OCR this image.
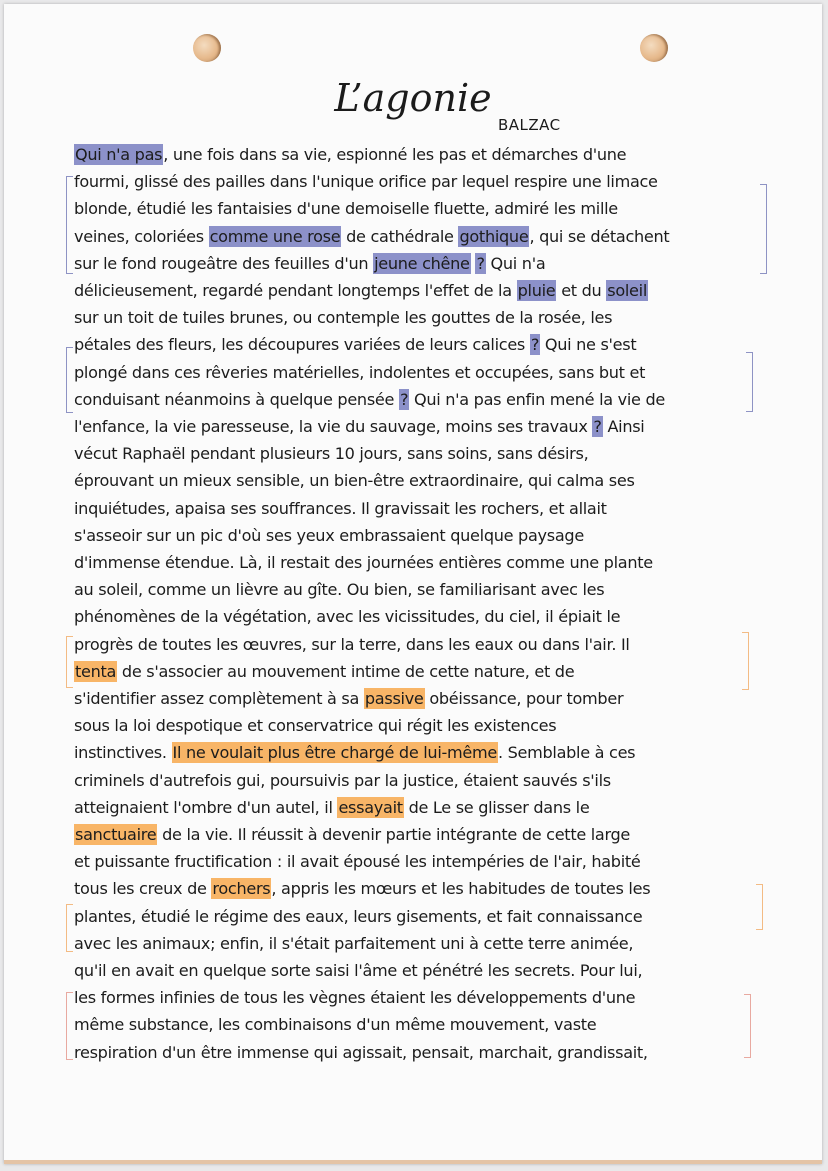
L’agonie
BALZAC
Qui n'a pas, une fois dans sa vie, espionné les pas et démarches d'une
fourmi, glissé des pailles dans l'unique orifice par lequel respire une limace
blonde, étudié les fantaisies d'une demoiselle fluette, admiré les mille
veines, coloriées comme une rose de cathédrale gothique, qui se détachent
sur le fond rougeâtre des feuilles d'un jeune chêne ? Qui n'a
délicieusement, regardé pendant longtemps l'effet de la pluie et du soleil
sur un toit de tuiles brunes, ou contemple les gouttes de la rosée, les
pétales des fleurs, les découpures variées de leurs calices ? Qui ne s'est
plongé dans ces rêveries matérielles, indolentes et occupées, sans but et
conduisant néanmoins à quelque pensée ? Qui n'a pas enfin mené la vie de
l'enfance, la vie paresseuse, la vie du sauvage, moins ses travaux ? Ainsi
vécut Raphaël pendant plusieurs 10 jours, sans soins, sans désirs,
éprouvant un mieux sensible, un bien-être extraordinaire, qui calma ses
inquiétudes, apaisa ses souffrances. Il gravissait les rochers, et allait
s'asseoir sur un pic d'où ses yeux embrassaient quelque paysage
d'immense étendue. Là, il restait des journées entières comme une plante
au soleil, comme un lièvre au gîte. Ou bien, se familiarisant avec les
phénomènes de la végétation, avec les vicissitudes, du ciel, il épiait le
progrès de toutes les œuvres, sur la terre, dans les eaux ou dans l'air. Il
tenta de s'associer au mouvement intime de cette nature, et de
s'identifier assez complètement à sa passive obéissance, pour tomber
sous la loi despotique et conservatrice qui régit les existences
instinctives. Il ne voulait plus être chargé de lui-même. Semblable à ces
criminels d'autrefois gui, poursuivis par la justice, étaient sauvés s'ils
atteignaient l'ombre d'un autel, il essayait de Le se glisser dans le
sanctuaire de la vie. Il réussit à devenir partie intégrante de cette large
et puissante fructification : il avait épousé les intempéries de l'air, habité
tous les creux de rochers, appris les mœurs et les habitudes de toutes les
plantes, étudié le régime des eaux, leurs gisements, et fait connaissance
avec les animaux; enfin, il s'était parfaitement uni à cette terre animée,
qu'il en avait en quelque sorte saisi l'âme et pénétré les secrets. Pour lui,
les formes infinies de tous les vègnes étaient les développements d'une
même substance, les combinaisons d'un même mouvement, vaste
respiration d'un être immense qui agissait, pensait, marchait, grandissait,
